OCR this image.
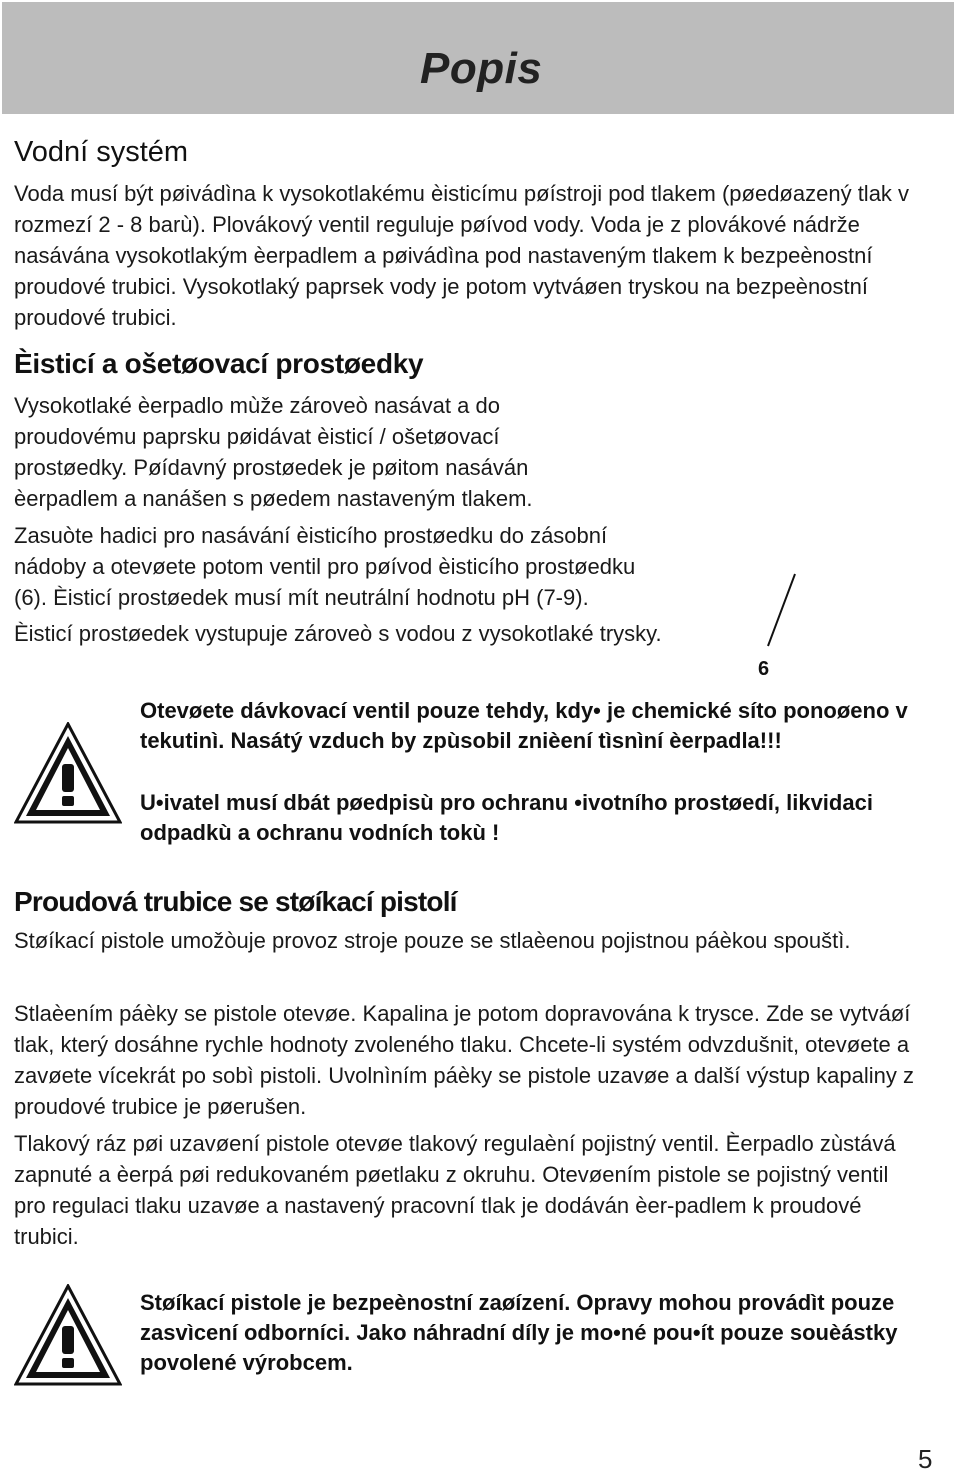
Popis
Vodní systém

Voda musí být pøivádìna k vysokotlakému èisticímu pøístroji pod tlakem (pøedøazený tlak v rozmezí 2 - 8 barù). Plovákový ventil reguluje pøívod vody. Voda je z plovákové nádrže nasávána vysokotlakým èerpadlem a pøivádìna pod nastaveným tlakem k bezpeènostní proudové trubici. Vysokotlaký paprsek vody je potom vytváøen tryskou na bezpeènostní proudové trubici.

Èisticí a ošetøovací prostøedky

Vysokotlaké èerpadlo mùže zároveò nasávat a do proudovému paprsku pøidávat èisticí / ošetøovací prostøedky. Pøídavný prostøedek je pøitom nasáván èerpadlem a nanášen s pøedem nastaveným tlakem.

Zasuòte hadici pro nasávání èisticího prostøedku do zásobní nádoby a otevøete potom ventil pro pøívod èisticího prostøedku (6). Èisticí prostøedek musí mít neutrální hodnotu pH (7-9).

Èisticí prostøedek vystupuje zároveò s vodou z vysokotlaké trysky.

6

Otevøete dávkovací ventil pouze tehdy, kdy• je chemické síto ponoøeno v tekutinì. Nasátý vzduch by zpùsobil znièení tìsnìní èerpadla!!!

U•ivatel musí dbát pøedpisù pro ochranu •ivotního prostøedí, likvidaci odpadkù a ochranu vodních tokù !

Proudová trubice se støíkací pistolí

Støíkací pistole umožòuje provoz stroje pouze se stlaèenou pojistnou páèkou spouštì.

Stlaèením páèky se pistole otevøe. Kapalina je potom dopravována k trysce. Zde se vytváøí tlak, který dosáhne rychle hodnoty zvoleného tlaku. Chcete-li systém odvzdušnit, otevøete a zavøete vícekrát po sobì pistoli. Uvolnìním páèky se pistole uzavøe a další výstup kapaliny z proudové trubice je pøerušen.

Tlakový ráz pøi uzavøení pistole otevøe tlakový regulaèní pojistný ventil. Èerpadlo zùstává zapnuté a èerpá pøi redukovaném pøetlaku z okruhu. Otevøením pistole se pojistný ventil pro regulaci tlaku uzavøe a nastavený pracovní tlak je dodáván èer-padlem k proudové trubici.

Støíkací pistole je bezpeènostní zaøízení. Opravy mohou provádìt pouze zasvìcení odborníci. Jako náhradní díly je mo•né pou•ít pouze souèástky povolené výrobcem.

5
